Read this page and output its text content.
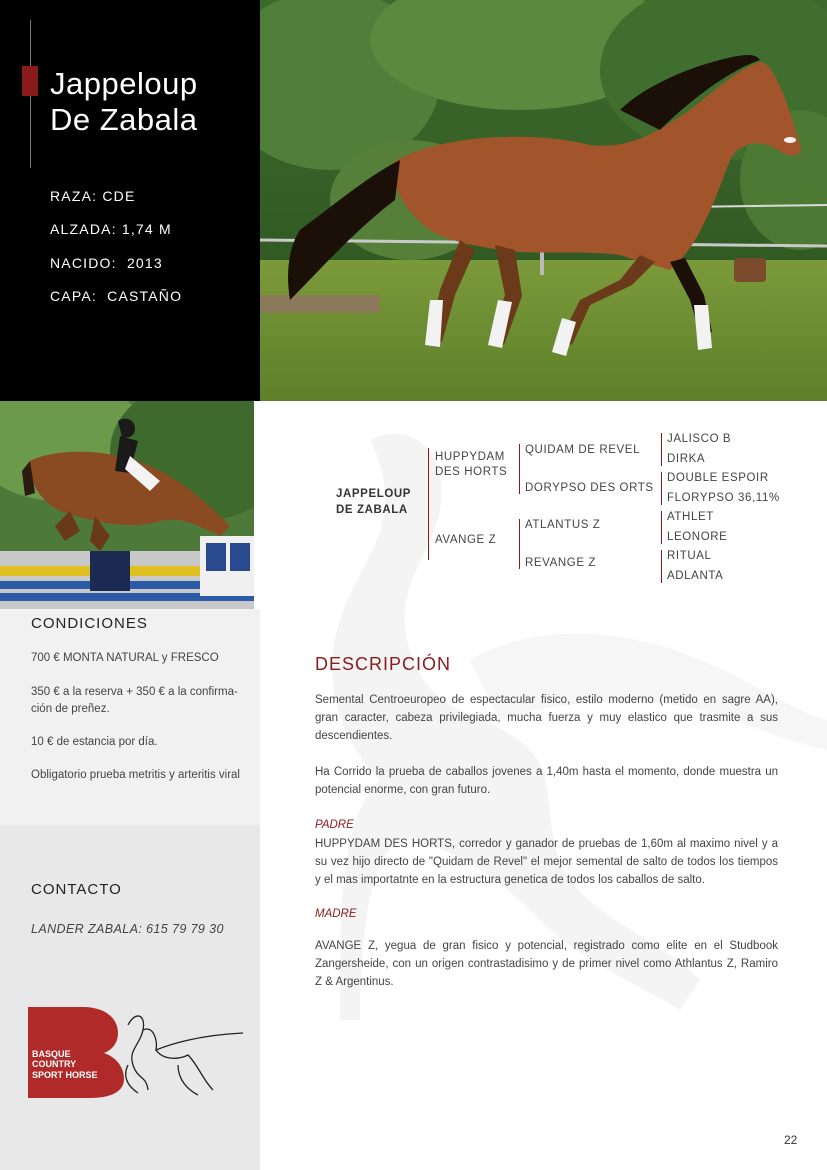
Jappeloup
De Zabala
RAZA: CDE
ALZADA: 1,74 M
NACIDO: 2013
CAPA: CASTAÑO
CONDICIONES
700 € MONTA NATURAL y FRESCO
350 € a la reserva + 350 € a la confirma- ción de preñez.
10 € de estancia por día.
Obligatorio prueba metritis y arteritis viral
CONTACTO
LANDER ZABALA: 615 79 79 30
BASQUE
COUNTRY
SPORT HORSE
JAPPELOUP
DE ZABALA
HUPPYDAM
DES HORTS
AVANGE Z
QUIDAM DE REVEL
DORYPSO DES ORTS
ATLANTUS Z
REVANGE Z
JALISCO B
DIRKA
DOUBLE ESPOIR
FLORYPSO 36,11%
ATHLET
LEONORE
RITUAL
ADLANTA
DESCRIPCIÓN

Semental Centroeuropeo de espectacular fisico, estilo moderno (metido en sagre AA), gran caracter, cabeza privilegiada, mucha fuerza y muy elastico que trasmite a sus descendientes.

Ha Corrido la prueba de caballos jovenes a 1,40m hasta el momento, donde muestra un potencial enorme, con gran futuro.

PADRE

HUPPYDAM DES HORTS, corredor y ganador de pruebas de 1,60m al maximo nivel y a su vez hijo directo de "Quidam de Revel" el mejor semental de salto de todos los tiempos y el mas importatnte en la estructura genetica de todos los caballos de salto.

MADRE

AVANGE Z, yegua de gran fisico y potencial, registrado como elite en el Studbook Zangersheide, con un origen contrastadisimo y de primer nivel como Athlantus Z, Ramiro Z & Argentinus.

22
